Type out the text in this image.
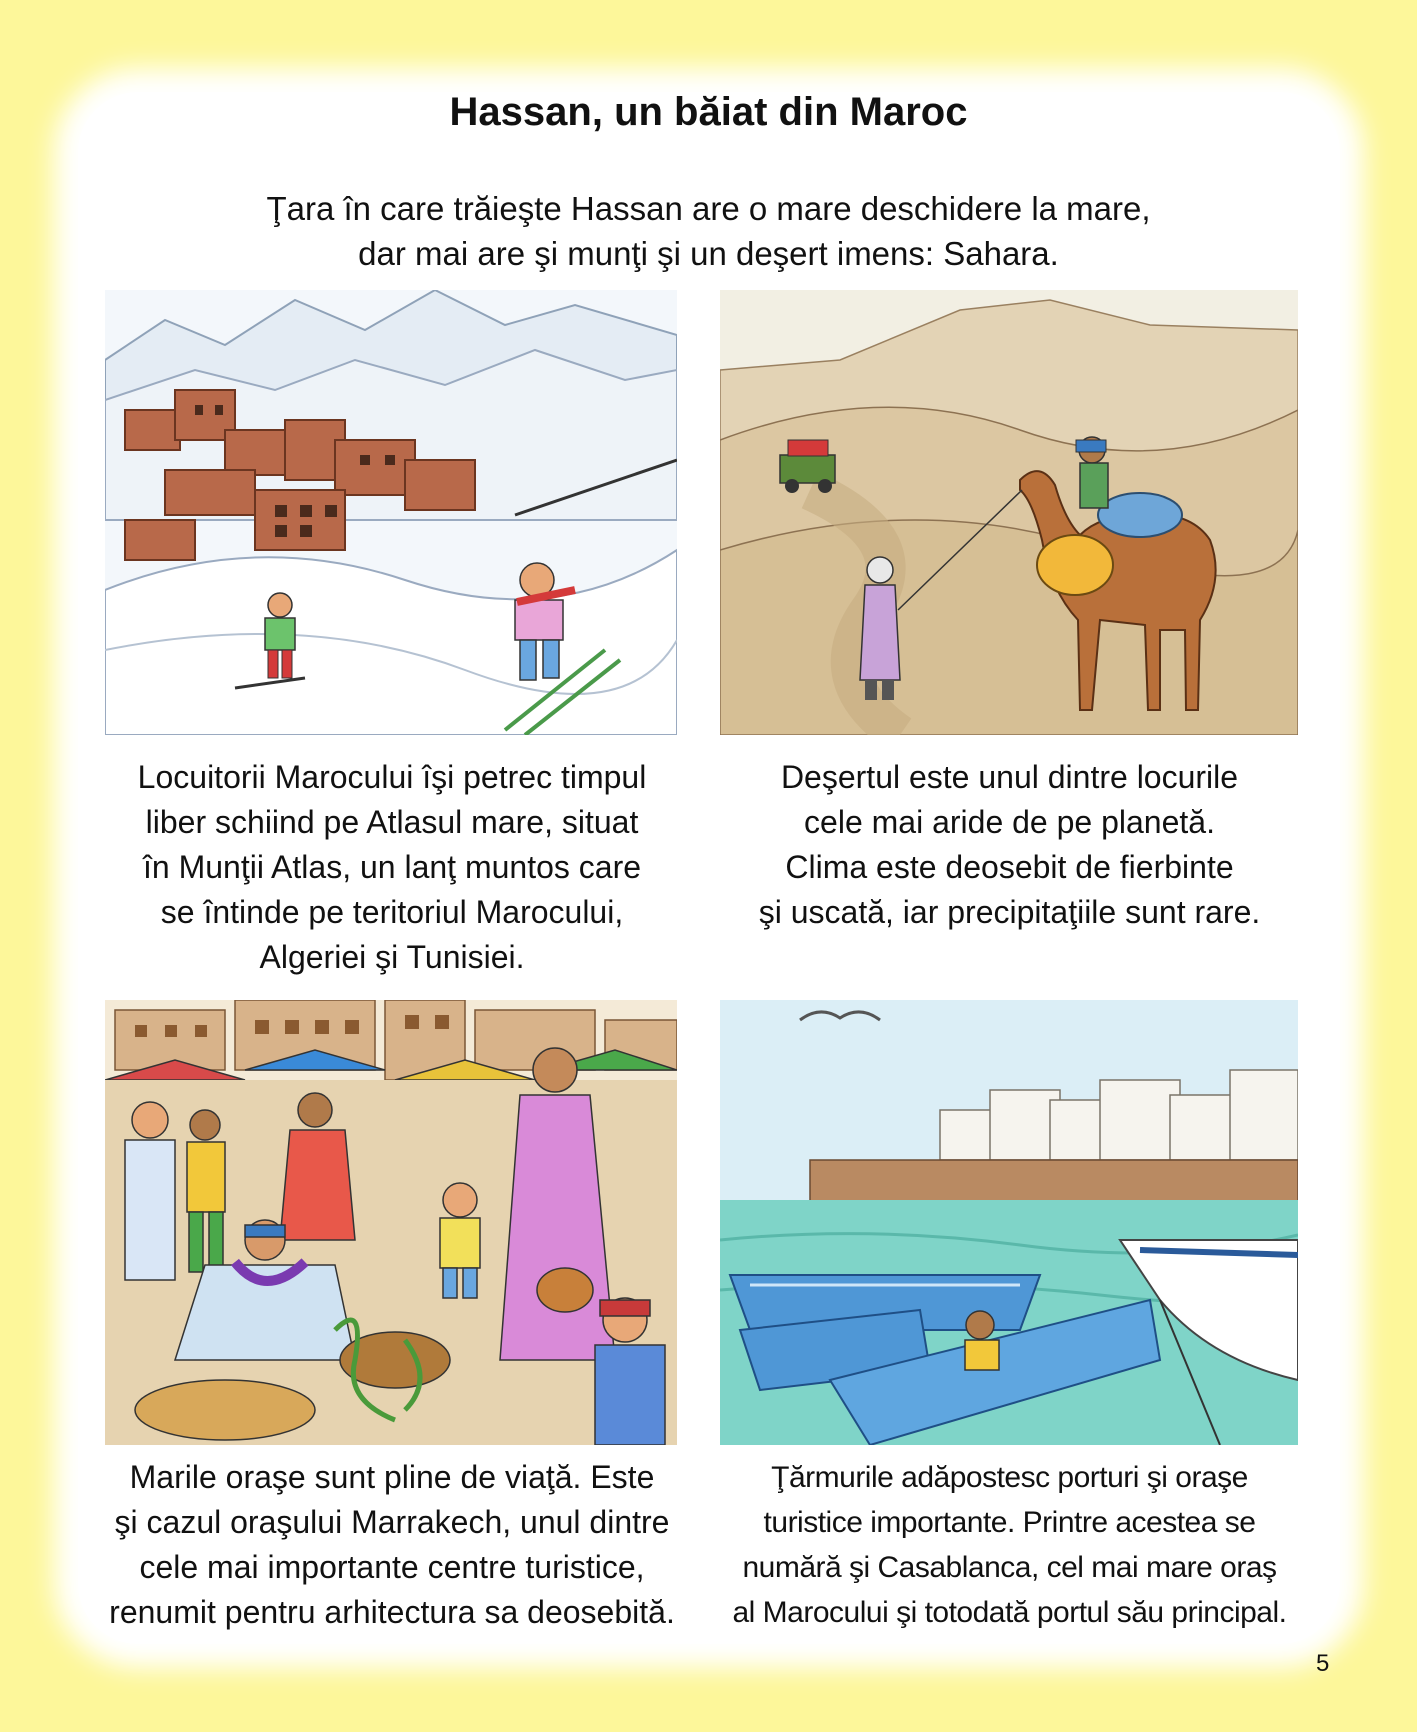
Hassan, un băiat din Maroc
Ţara în care trăieşte Hassan are o mare deschidere la mare,
dar mai are şi munţi şi un deşert imens: Sahara.
Locuitorii Marocului îşi petrec timpul
liber schiind pe Atlasul mare, situat
în Munţii Atlas, un lanţ muntos care
se întinde pe teritoriul Marocului,
Algeriei şi Tunisiei.
Deşertul este unul dintre locurile
cele mai aride de pe planetă.
Clima este deosebit de fierbinte
şi uscată, iar precipitaţiile sunt rare.
Marile oraşe sunt pline de viaţă. Este
şi cazul oraşului Marrakech, unul dintre
cele mai importante centre turistice,
renumit pentru arhitectura sa deosebită.
Ţărmurile adăpostesc porturi şi oraşe
turistice importante. Printre acestea se
numără şi Casablanca, cel mai mare oraş
al Marocului şi totodată portul său principal.
5
